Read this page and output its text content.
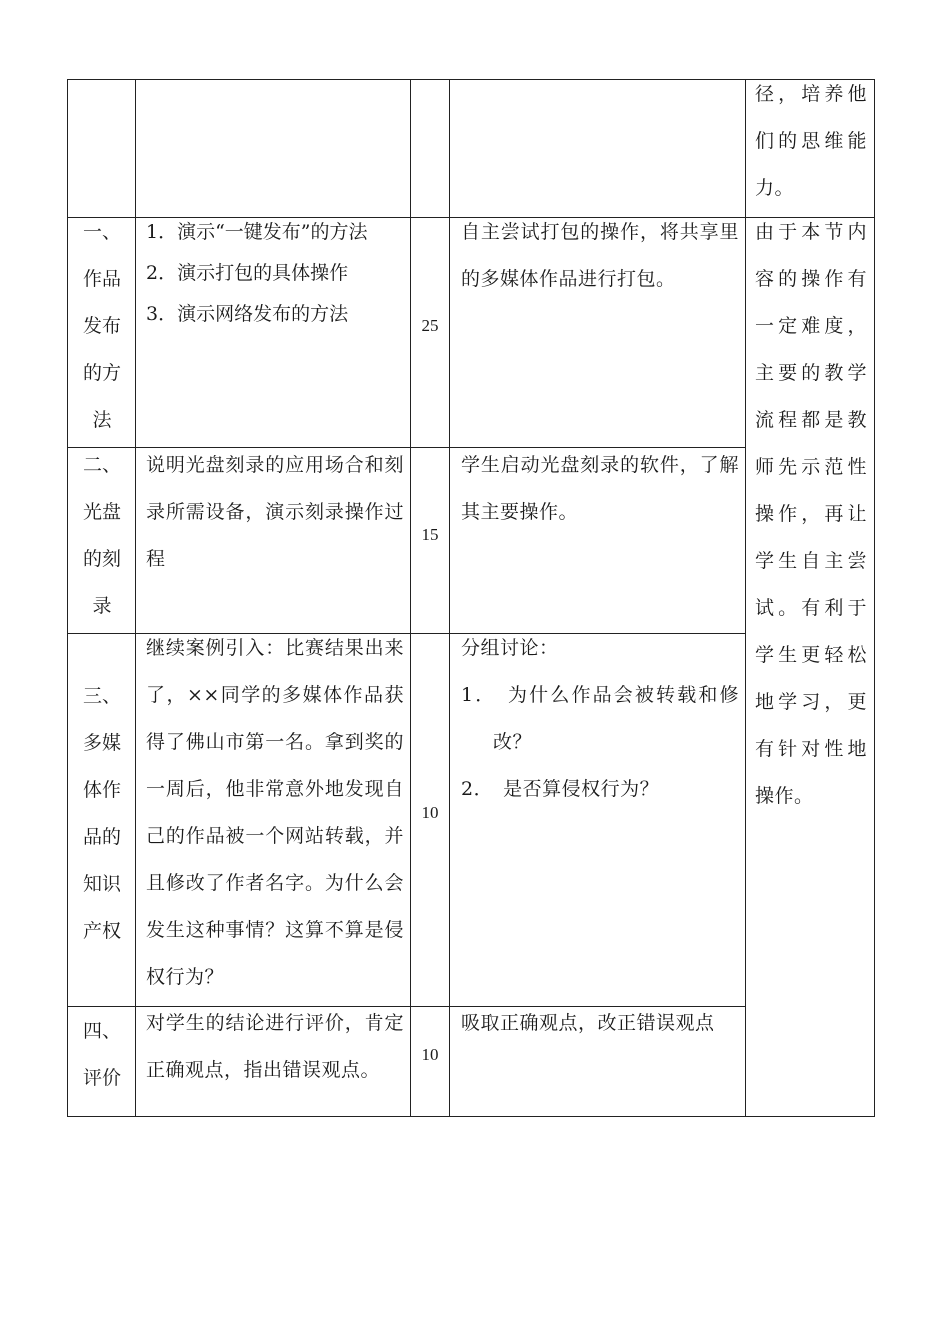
径，培养他们的思维能力。
由于本节内容的操作有一定难度，主要的教学流程都是教师先示范性操作，再让学生自主尝试。有利于学生更轻松地学习，更有针对性地操作。
一、作品发布的方法
1．演示“一键发布”的方法
2．演示打包的具体操作
3．演示网络发布的方法
25
自主尝试打包的操作，将共享里的多媒体作品进行打包。
二、光盘的刻录
说明光盘刻录的应用场合和刻录所需设备，演示刻录操作过程
15
学生启动光盘刻录的软件，了解其主要操作。
三、多媒体作品的知识产权
继续案例引入：比赛结果出来了，××同学的多媒体作品获得了佛山市第一名。拿到奖的一周后，他非常意外地发现自己的作品被一个网站转载，并且修改了作者名字。为什么会发生这种事情？这算不算是侵权行为？
10
分组讨论：
1．　为什么作品会被转载和修改？
2．　是否算侵权行为？
四、评价
对学生的结论进行评价，肯定正确观点，指出错误观点。
10
吸取正确观点，改正错误观点
